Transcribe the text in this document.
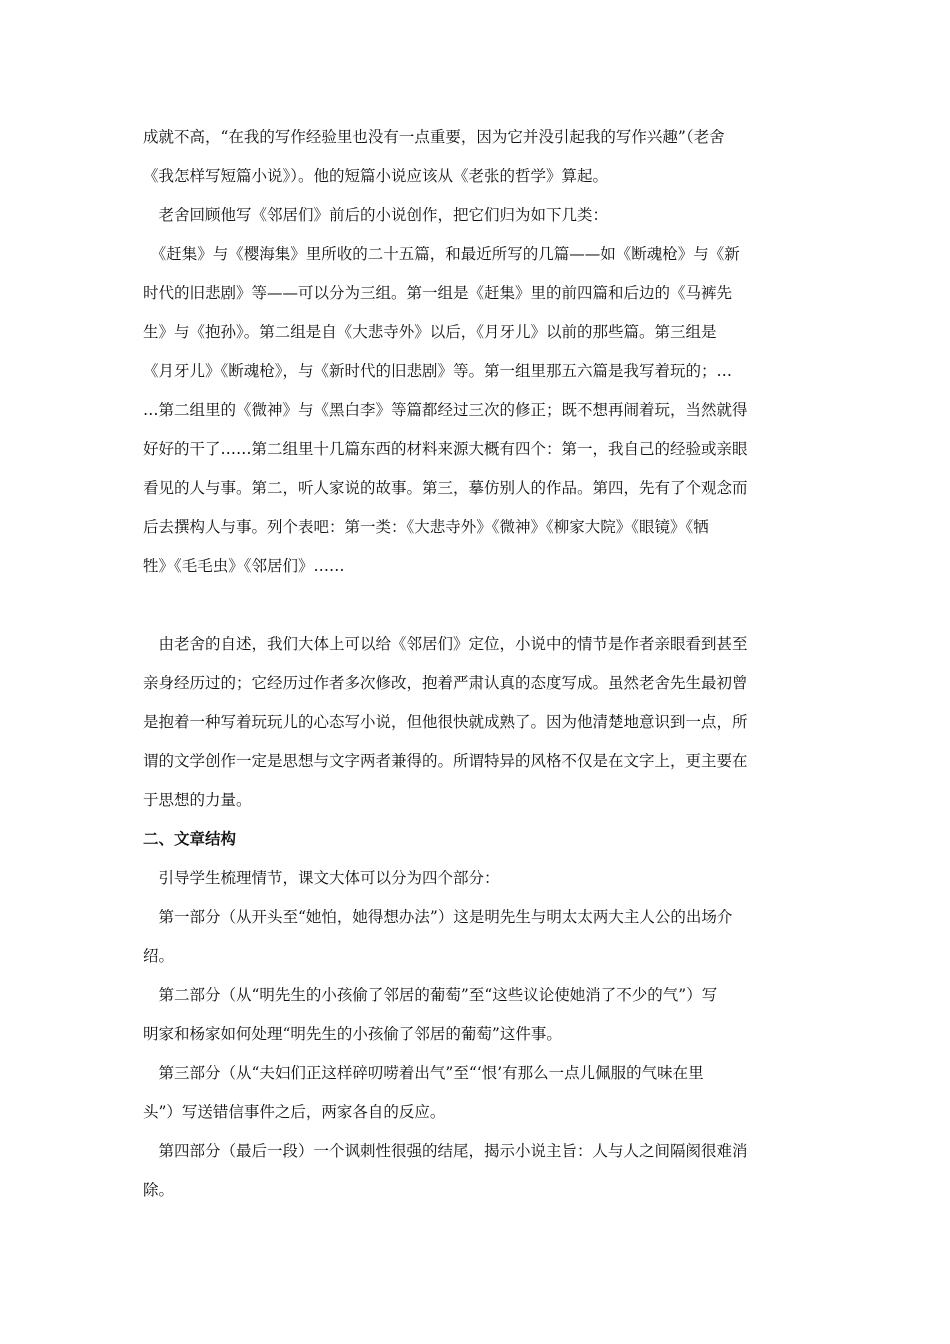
成就不高，“在我的写作经验里也没有一点重要，因为它并没引起我的写作兴趣”（老舍
《我怎样写短篇小说》）。他的短篇小说应该从《老张的哲学》算起。
　老舍回顾他写《邻居们》前后的小说创作，把它们归为如下几类：
　《赶集》与《樱海集》里所收的二十五篇，和最近所写的几篇——如《断魂枪》与《新
时代的旧悲剧》等——可以分为三组。第一组是《赶集》里的前四篇和后边的《马裤先
生》与《抱孙》。第二组是自《大悲寺外》以后，《月牙儿》以前的那些篇。第三组是
《月牙儿》《断魂枪》，与《新时代的旧悲剧》等。第一组里那五六篇是我写着玩的；…
…第二组里的《微神》与《黑白李》等篇都经过三次的修正；既不想再闹着玩，当然就得
好好的干了……第二组里十几篇东西的材料来源大概有四个：第一，我自己的经验或亲眼
看见的人与事。第二，听人家说的故事。第三，摹仿别人的作品。第四，先有了个观念而
后去撰构人与事。列个表吧：第一类：《大悲寺外》《微神》《柳家大院》《眼镜》《牺
牲》《毛毛虫》《邻居们》……
　由老舍的自述，我们大体上可以给《邻居们》定位，小说中的情节是作者亲眼看到甚至
亲身经历过的；它经历过作者多次修改，抱着严肃认真的态度写成。虽然老舍先生最初曾
是抱着一种写着玩玩儿的心态写小说，但他很快就成熟了。因为他清楚地意识到一点，所
谓的文学创作一定是思想与文字两者兼得的。所谓特异的风格不仅是在文字上，更主要在
于思想的力量。
二、文章结构
　引导学生梳理情节，课文大体可以分为四个部分：
　第一部分（从开头至“她怕，她得想办法”）这是明先生与明太太两大主人公的出场介
绍。
　第二部分（从“明先生的小孩偷了邻居的葡萄”至“这些议论使她消了不少的气”）写
明家和杨家如何处理“明先生的小孩偷了邻居的葡萄”这件事。
　第三部分（从“夫妇们正这样碎叨唠着出气”至“‘恨’有那么一点儿佩服的气味在里
头”）写送错信事件之后，两家各自的反应。
　第四部分（最后一段）一个讽刺性很强的结尾，揭示小说主旨：人与人之间隔阂很难消
除。
